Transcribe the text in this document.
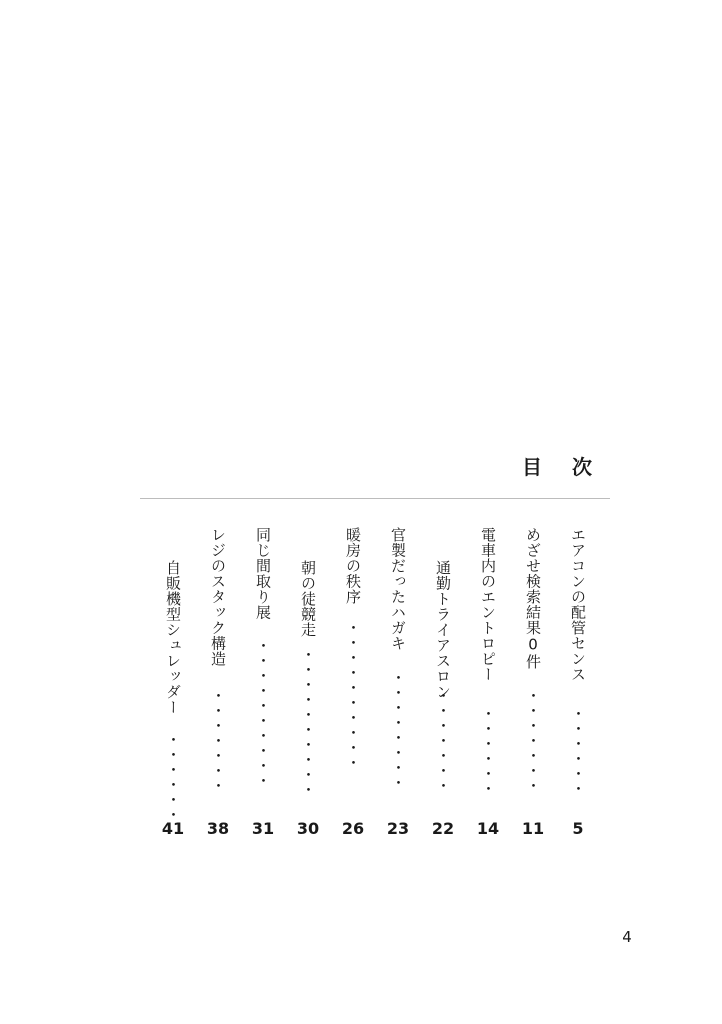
目 次
エアコンの配管センス
・・・・・・
5
めざせ検索結果0件
・・・・・・・
11
電車内のエントロピー
・・・・・・
14
通勤トライアスロン
・・・・・・・
22
官製だったハガキ
・・・・・・・・
23
暖房の秩序
・・・・・・・・・・
26
朝の徒競走
・・・・・・・・・・
30
同じ間取り展
・・・・・・・・・・
31
レジのスタック構造
・・・・・・・
38
自販機型シュレッダー
・・・・・・
41
4
